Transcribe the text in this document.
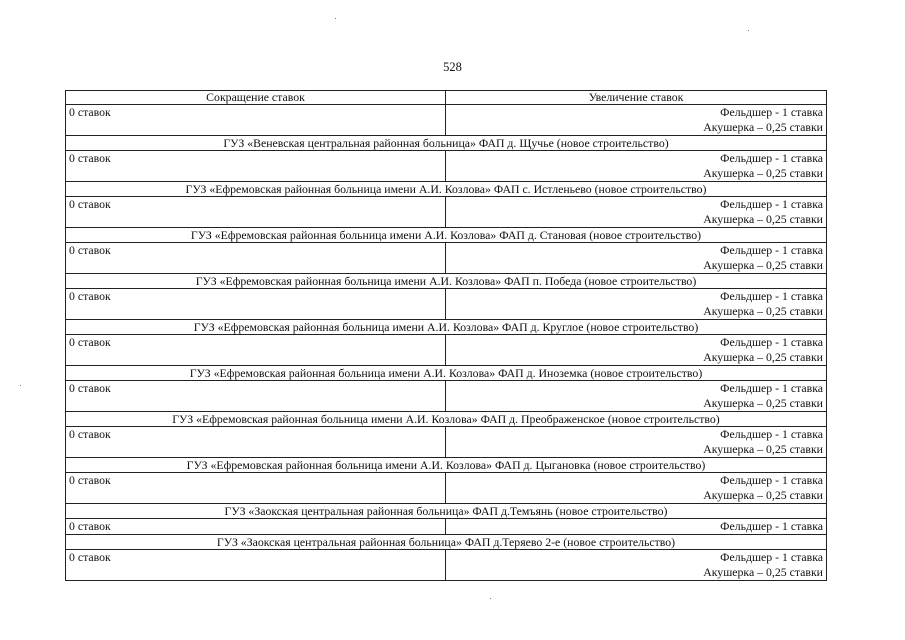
528
Сокращение ставок	Увеличение ставок
0 ставок	Фельдшер - 1 ставка
Акушерка – 0,25 ставки

ГУЗ «Веневская центральная районная больница» ФАП д. Щучье (новое строительство)	
0 ставок	Фельдшер - 1 ставка
Акушерка – 0,25 ставки

ГУЗ «Ефремовская районная больница имени А.И. Козлова» ФАП с. Истленьево (новое строительство)	
0 ставок	Фельдшер - 1 ставка
Акушерка – 0,25 ставки

ГУЗ «Ефремовская районная больница имени А.И. Козлова» ФАП д. Становая (новое строительство)	
0 ставок	Фельдшер - 1 ставка
Акушерка – 0,25 ставки

ГУЗ «Ефремовская районная больница имени А.И. Козлова» ФАП п. Победа (новое строительство)	
0 ставок	Фельдшер - 1 ставка
Акушерка – 0,25 ставки

ГУЗ «Ефремовская районная больница имени А.И. Козлова» ФАП д. Круглое (новое строительство)	
0 ставок	Фельдшер - 1 ставка
Акушерка – 0,25 ставки

ГУЗ «Ефремовская районная больница имени А.И. Козлова» ФАП д. Иноземка (новое строительство)	
0 ставок	Фельдшер - 1 ставка
Акушерка – 0,25 ставки

ГУЗ «Ефремовская районная больница имени А.И. Козлова» ФАП д. Преображенское (новое строительство)	
0 ставок	Фельдшер - 1 ставка
Акушерка – 0,25 ставки

ГУЗ «Ефремовская районная больница имени А.И. Козлова» ФАП д. Цыгановка (новое строительство)	
0 ставок	Фельдшер - 1 ставка
Акушерка – 0,25 ставки

ГУЗ «Заокская центральная районная больница» ФАП д.Темъянь (новое строительство)	
0 ставок	Фельдшер - 1 ставка

ГУЗ «Заокская центральная районная больница» ФАП д.Теряево 2-е (новое строительство)	
0 ставок	Фельдшер - 1 ставка
Акушерка – 0,25 ставки
